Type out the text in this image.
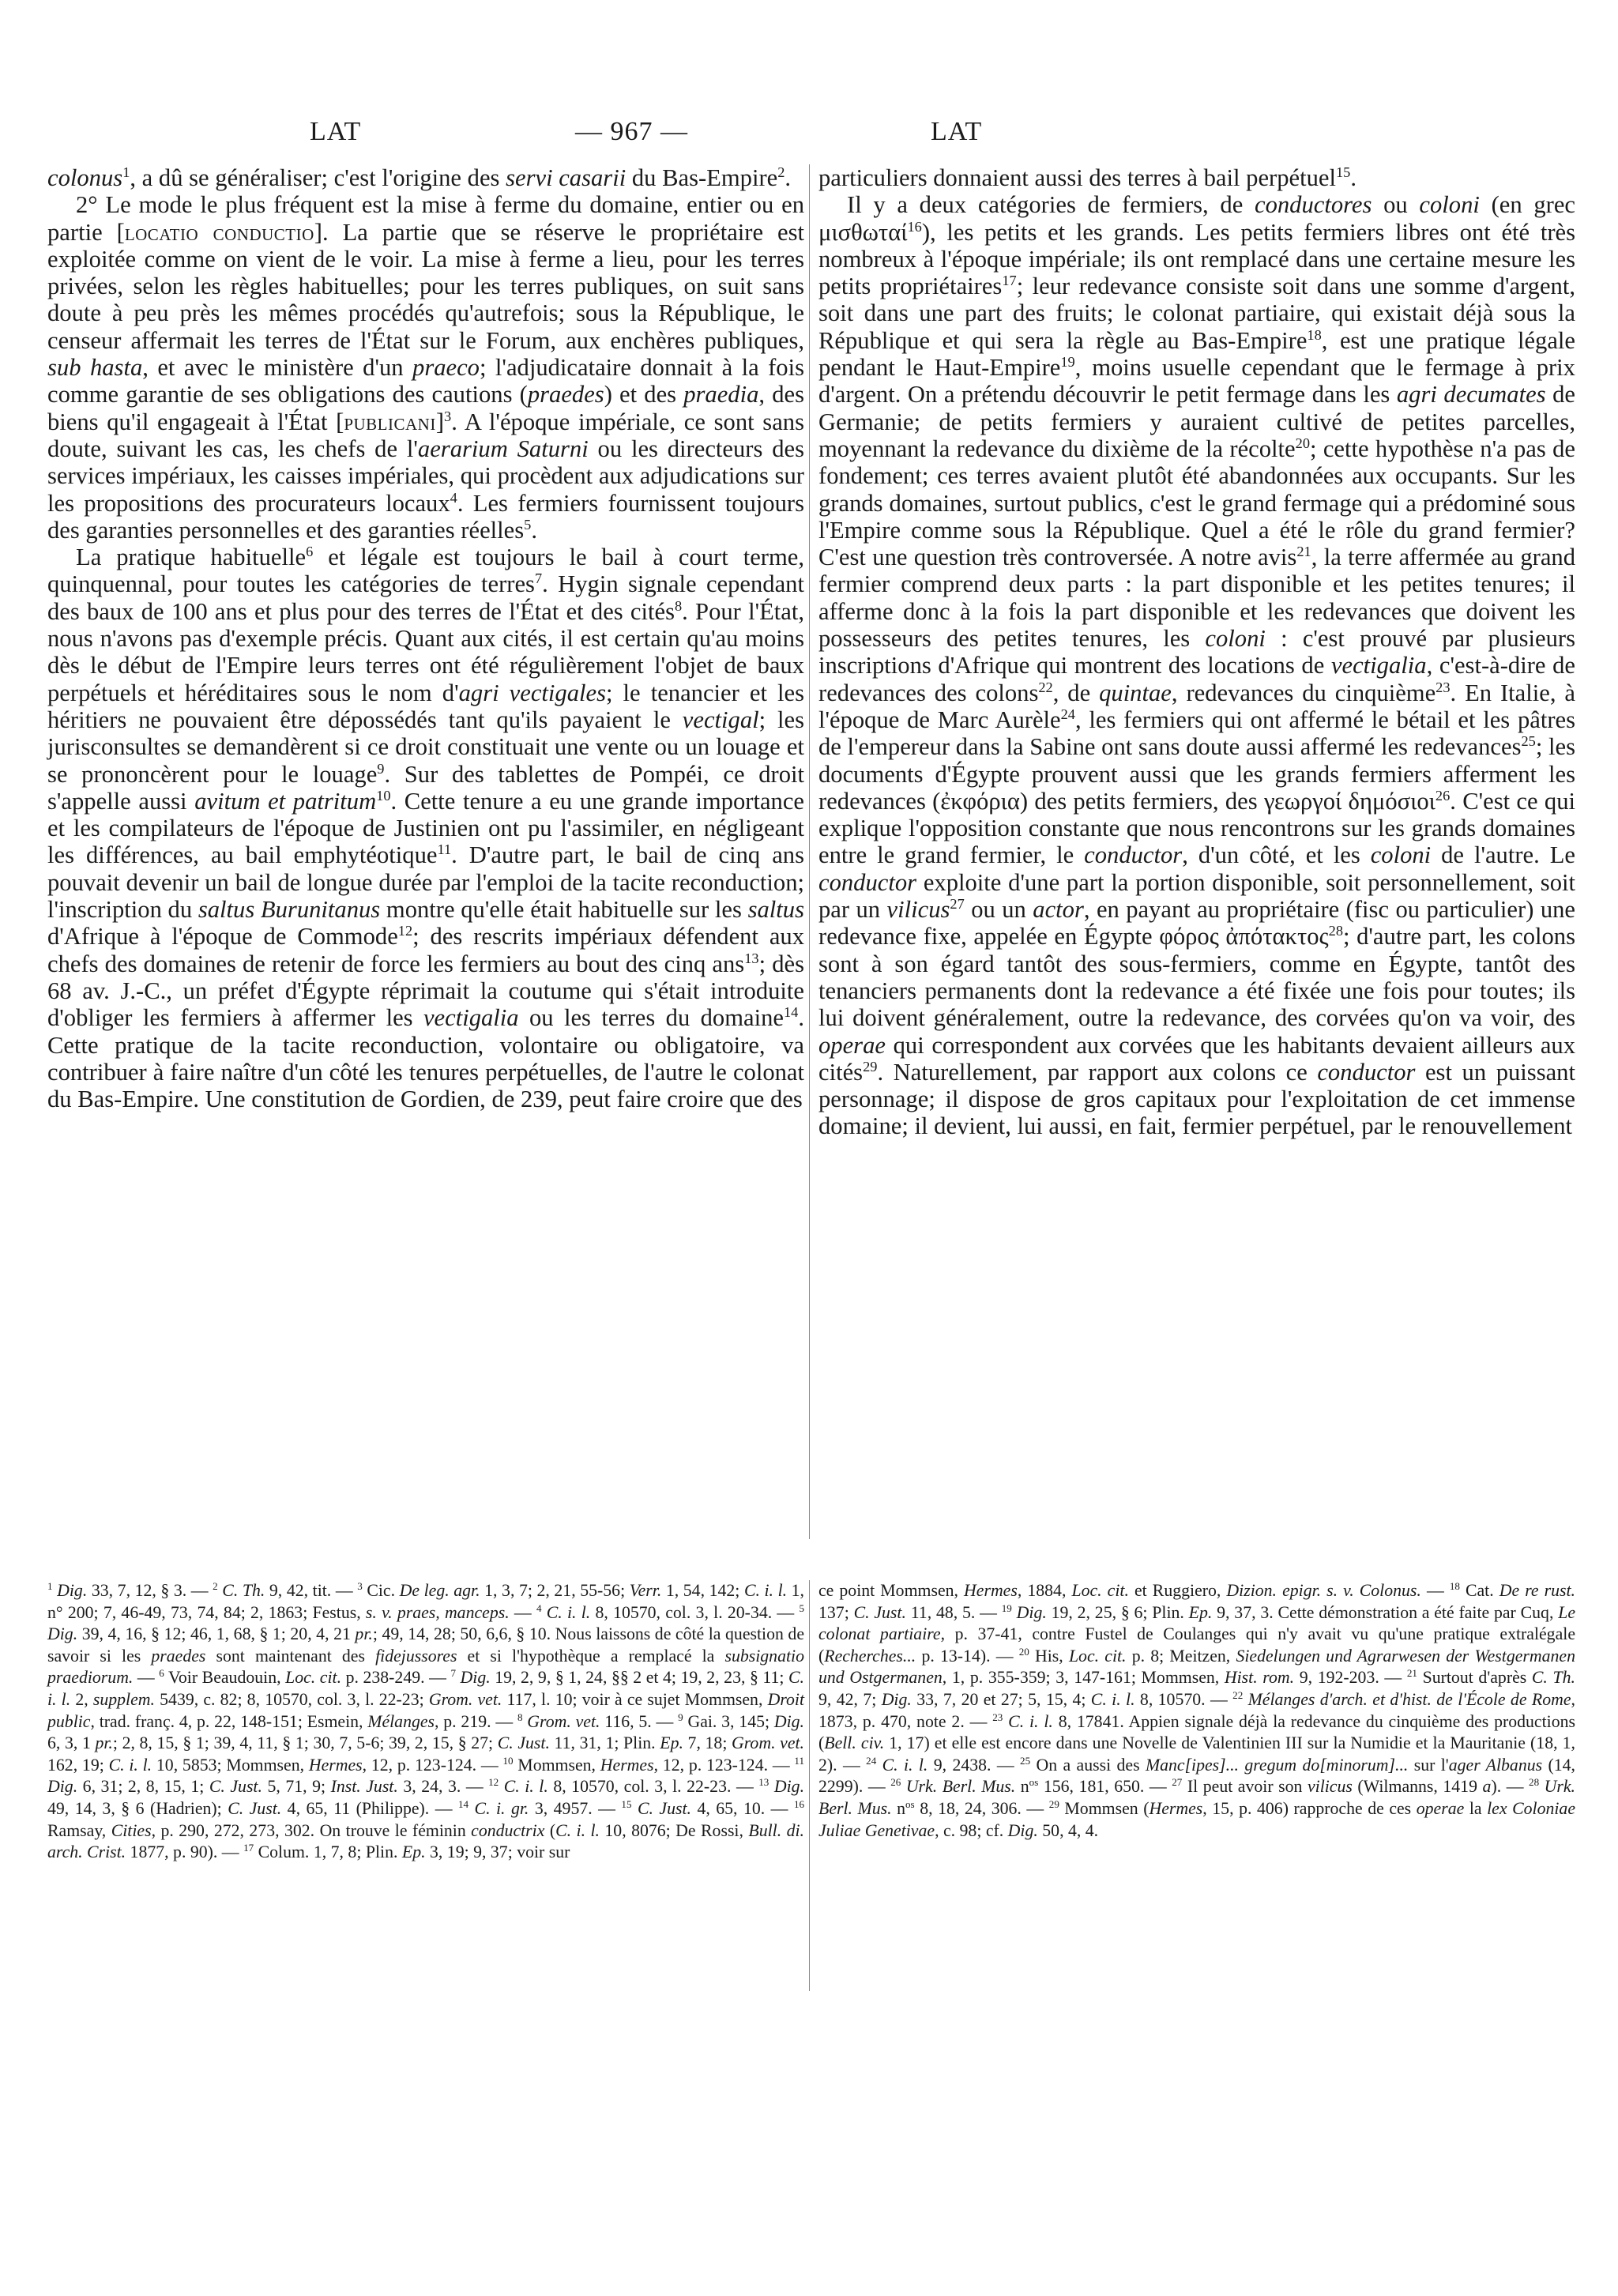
LAT	— 967 —	LAT

colonus$^1$, a dû se généraliser; c'est l'origine des servi casarii du Bas-Empire$^2$.

2° Le mode le plus fréquent est la mise à ferme du domaine, entier ou en partie [locatio conductio]. La partie que se réserve le propriétaire est exploitée comme on vient de le voir. La mise à ferme a lieu, pour les terres privées, selon les règles habituelles; pour les terres publiques, on suit sans doute à peu près les mêmes procédés qu'autrefois; sous la République, le censeur affermait les terres de l'État sur le Forum, aux enchères publiques, sub hasta, et avec le ministère d'un praeco; l'adjudicataire donnait à la fois comme garantie de ses obligations des cautions (praedes) et des praedia, des biens qu'il engageait à l'État [publicani]$^3$. A l'époque impériale, ce sont sans doute, suivant les cas, les chefs de l'aerarium Saturni ou les directeurs des services impériaux, les caisses impériales, qui procèdent aux adjudications sur les propositions des procurateurs locaux$^4$. Les fermiers fournissent toujours des garanties personnelles et des garanties réelles$^5$.

La pratique habituelle$^6$ et légale est toujours le bail à court terme, quinquennal, pour toutes les catégories de terres$^7$. Hygin signale cependant des baux de 100 ans et plus pour des terres de l'État et des cités$^8$. Pour l'État, nous n'avons pas d'exemple précis. Quant aux cités, il est certain qu'au moins dès le début de l'Empire leurs terres ont été régulièrement l'objet de baux perpétuels et héréditaires sous le nom d'agri vectigales; le tenancier et les héritiers ne pouvaient être dépossédés tant qu'ils payaient le vectigal; les jurisconsultes se demandèrent si ce droit constituait une vente ou un louage et se prononcèrent pour le louage$^9$. Sur des tablettes de Pompéi, ce droit s'appelle aussi avitum et patritum$^{10}$. Cette tenure a eu une grande importance et les compilateurs de l'époque de Justinien ont pu l'assimiler, en négligeant les différences, au bail emphytéotique$^{11}$. D'autre part, le bail de cinq ans pouvait devenir un bail de longue durée par l'emploi de la tacite reconduction; l'inscription du saltus Burunitanus montre qu'elle était habituelle sur les saltus d'Afrique à l'époque de Commode$^{12}$; des rescrits impériaux défendent aux chefs des domaines de retenir de force les fermiers au bout des cinq ans$^{13}$; dès 68 av. J.-C., un préfet d'Égypte réprimait la coutume qui s'était introduite d'obliger les fermiers à affermer les vectigalia ou les terres du domaine$^{14}$. Cette pratique de la tacite reconduction, volontaire ou obligatoire, va contribuer à faire naître d'un côté les tenures perpétuelles, de l'autre le colonat du Bas-Empire. Une constitution de Gordien, de 239, peut faire croire que des

particuliers donnaient aussi des terres à bail perpétuel$^{15}$.

Il y a deux catégories de fermiers, de conductores ou coloni (en grec μισθωταί$^{16}$), les petits et les grands. Les petits fermiers libres ont été très nombreux à l'époque impériale; ils ont remplacé dans une certaine mesure les petits propriétaires$^{17}$; leur redevance consiste soit dans une somme d'argent, soit dans une part des fruits; le colonat partiaire, qui existait déjà sous la République et qui sera la règle au Bas-Empire$^{18}$, est une pratique légale pendant le Haut-Empire$^{19}$, moins usuelle cependant que le fermage à prix d'argent. On a prétendu découvrir le petit fermage dans les agri decumates de Germanie; de petits fermiers y auraient cultivé de petites parcelles, moyennant la redevance du dixième de la récolte$^{20}$; cette hypothèse n'a pas de fondement; ces terres avaient plutôt été abandonnées aux occupants. Sur les grands domaines, surtout publics, c'est le grand fermage qui a prédominé sous l'Empire comme sous la République. Quel a été le rôle du grand fermier? C'est une question très controversée. A notre avis$^{21}$, la terre affermée au grand fermier comprend deux parts : la part disponible et les petites tenures; il afferme donc à la fois la part disponible et les redevances que doivent les possesseurs des petites tenures, les coloni : c'est prouvé par plusieurs inscriptions d'Afrique qui montrent des locations de vectigalia, c'est-à-dire de redevances des colons$^{22}$, de quintae, redevances du cinquième$^{23}$. En Italie, à l'époque de Marc Aurèle$^{24}$, les fermiers qui ont affermé le bétail et les pâtres de l'empereur dans la Sabine ont sans doute aussi affermé les redevances$^{25}$; les documents d'Égypte prouvent aussi que les grands fermiers afferment les redevances (ἐκφόρια) des petits fermiers, des γεωργοί δημόσιοι$^{26}$. C'est ce qui explique l'opposition constante que nous rencontrons sur les grands domaines entre le grand fermier, le conductor, d'un côté, et les coloni de l'autre. Le conductor exploite d'une part la portion disponible, soit personnellement, soit par un vilicus$^{27}$ ou un actor, en payant au propriétaire (fisc ou particulier) une redevance fixe, appelée en Égypte φόρος ἀπότακτος$^{28}$; d'autre part, les colons sont à son égard tantôt des sous-fermiers, comme en Égypte, tantôt des tenanciers permanents dont la redevance a été fixée une fois pour toutes; ils lui doivent généralement, outre la redevance, des corvées qu'on va voir, des operae qui correspondent aux corvées que les habitants devaient ailleurs aux cités$^{29}$. Naturellement, par rapport aux colons ce conductor est un puissant personnage; il dispose de gros capitaux pour l'exploitation de cet immense domaine; il devient, lui aussi, en fait, fermier perpétuel, par le renouvellement

$^1$ Dig. 33, 7, 12, § 3. — $^2$ C. Th. 9, 42, tit. — $^3$ Cic. De leg. agr. 1, 3, 7; 2, 21, 55-56; Verr. 1, 54, 142; C. i. l. 1, n° 200; 7, 46-49, 73, 74, 84; 2, 1863; Festus, s. v. praes, manceps. — $^4$ C. i. l. 8, 10570, col. 3, l. 20-34. — $^5$ Dig. 39, 4, 16, § 12; 46, 1, 68, § 1; 20, 4, 21 pr.; 49, 14, 28; 50, 6,6, § 10. Nous laissons de côté la question de savoir si les praedes sont maintenant des fidejussores et si l'hypothèque a remplacé la subsignatio praediorum. — $^6$ Voir Beaudouin, Loc. cit. p. 238-249. — $^7$ Dig. 19, 2, 9, § 1, 24, §§ 2 et 4; 19, 2, 23, § 11; C. i. l. 2, supplem. 5439, c. 82; 8, 10570, col. 3, l. 22-23; Grom. vet. 117, l. 10; voir à ce sujet Mommsen, Droit public, trad. franç. 4, p. 22, 148-151; Esmein, Mélanges, p. 219. — $^8$ Grom. vet. 116, 5. — $^9$ Gai. 3, 145; Dig. 6, 3, 1 pr.; 2, 8, 15, § 1; 39, 4, 11, § 1; 30, 7, 5-6; 39, 2, 15, § 27; C. Just. 11, 31, 1; Plin. Ep. 7, 18; Grom. vet. 162, 19; C. i. l. 10, 5853; Mommsen, Hermes, 12, p. 123-124. — $^{10}$ Mommsen, Hermes, 12, p. 123-124. — $^{11}$ Dig. 6, 31; 2, 8, 15, 1; C. Just. 5, 71, 9; Inst. Just. 3, 24, 3. — $^{12}$ C. i. l. 8, 10570, col. 3, l. 22-23. — $^{13}$ Dig. 49, 14, 3, § 6 (Hadrien); C. Just. 4, 65, 11 (Philippe). — $^{14}$ C. i. gr. 3, 4957. — $^{15}$ C. Just. 4, 65, 10. — $^{16}$ Ramsay, Cities, p. 290, 272, 273, 302. On trouve le féminin conductrix (C. i. l. 10, 8076; De Rossi, Bull. di. arch. Crist. 1877, p. 90). — $^{17}$ Colum. 1, 7, 8; Plin. Ep. 3, 19; 9, 37; voir sur
ce point Mommsen, Hermes, 1884, Loc. cit. et Ruggiero, Dizion. epigr. s. v. Colonus. — $^{18}$ Cat. De re rust. 137; C. Just. 11, 48, 5. — $^{19}$ Dig. 19, 2, 25, § 6; Plin. Ep. 9, 37, 3. Cette démonstration a été faite par Cuq, Le colonat partiaire, p. 37-41, contre Fustel de Coulanges qui n'y avait vu qu'une pratique extralégale (Recherches... p. 13-14). — $^{20}$ His, Loc. cit. p. 8; Meitzen, Siedelungen und Agrarwesen der Westgermanen und Ostgermanen, 1, p. 355-359; 3, 147-161; Mommsen, Hist. rom. 9, 192-203. — $^{21}$ Surtout d'après C. Th. 9, 42, 7; Dig. 33, 7, 20 et 27; 5, 15, 4; C. i. l. 8, 10570. — $^{22}$ Mélanges d'arch. et d'hist. de l'École de Rome, 1873, p. 470, note 2. — $^{23}$ C. i. l. 8, 17841. Appien signale déjà la redevance du cinquième des productions (Bell. civ. 1, 17) et elle est encore dans une Novelle de Valentinien III sur la Numidie et la Mauritanie (18, 1, 2). — $^{24}$ C. i. l. 9, 2438. — $^{25}$ On a aussi des Manc[ipes]... gregum do[minorum]... sur l'ager Albanus (14, 2299). — $^{26}$ Urk. Berl. Mus. $n^{os}$ 156, 181, 650. — $^{27}$ Il peut avoir son vilicus (Wilmanns, 1419 a). — $^{28}$ Urk. Berl. Mus. $n^{os}$ 8, 18, 24, 306. — $^{29}$ Mommsen (Hermes, 15, p. 406) rapproche de ces operae la lex Coloniae Juliae Genetivae, c. 98; cf. Dig. 50, 4, 4.
